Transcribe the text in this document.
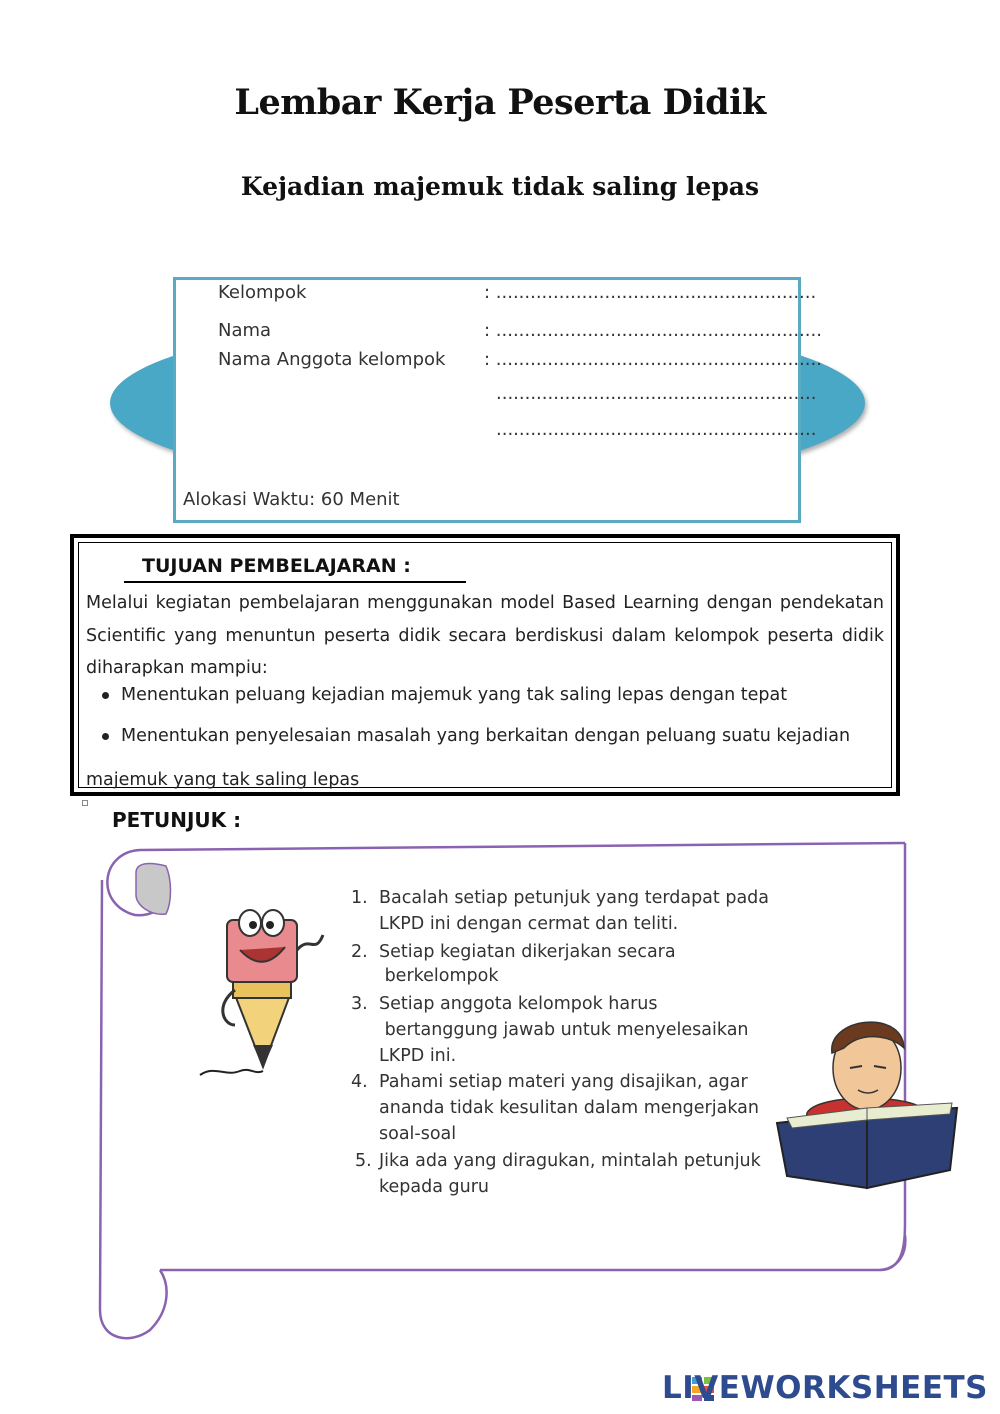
Lembar Kerja Peserta Didik
Kejadian majemuk tidak saling lepas
Kelompok	: ........................................................
Nama	: .........................................................
Nama Anggota kelompok : .........................................................
........................................................
........................................................
Alokasi Waktu: 60 Menit
TUJUAN PEMBELAJARAN :
Melalui kegiatan pembelajaran menggunakan model Based Learning dengan pendekatan Scientific yang menuntun peserta didik secara berdiskusi dalam kelompok peserta didik diharapkan mampiu:
Menentukan peluang kejadian majemuk yang tak saling lepas dengan tepat
Menentukan penyelesaian masalah yang berkaitan dengan peluang suatu kejadian
majemuk yang tak saling lepas
PETUNJUK :
1. Bacalah setiap petunjuk yang terdapat pada
LKPD ini dengan cermat dan teliti.
2. Setiap kegiatan dikerjakan secara
berkelompok
3. Setiap anggota kelompok harus
bertanggung jawab untuk menyelesaikan
LKPD ini.
4. Pahami setiap materi yang disajikan, agar
ananda tidak kesulitan dalam mengerjakan
soal-soal
5. Jika ada yang diragukan, mintalah petunjuk
kepada guru
LIVEWORKSHEETS
